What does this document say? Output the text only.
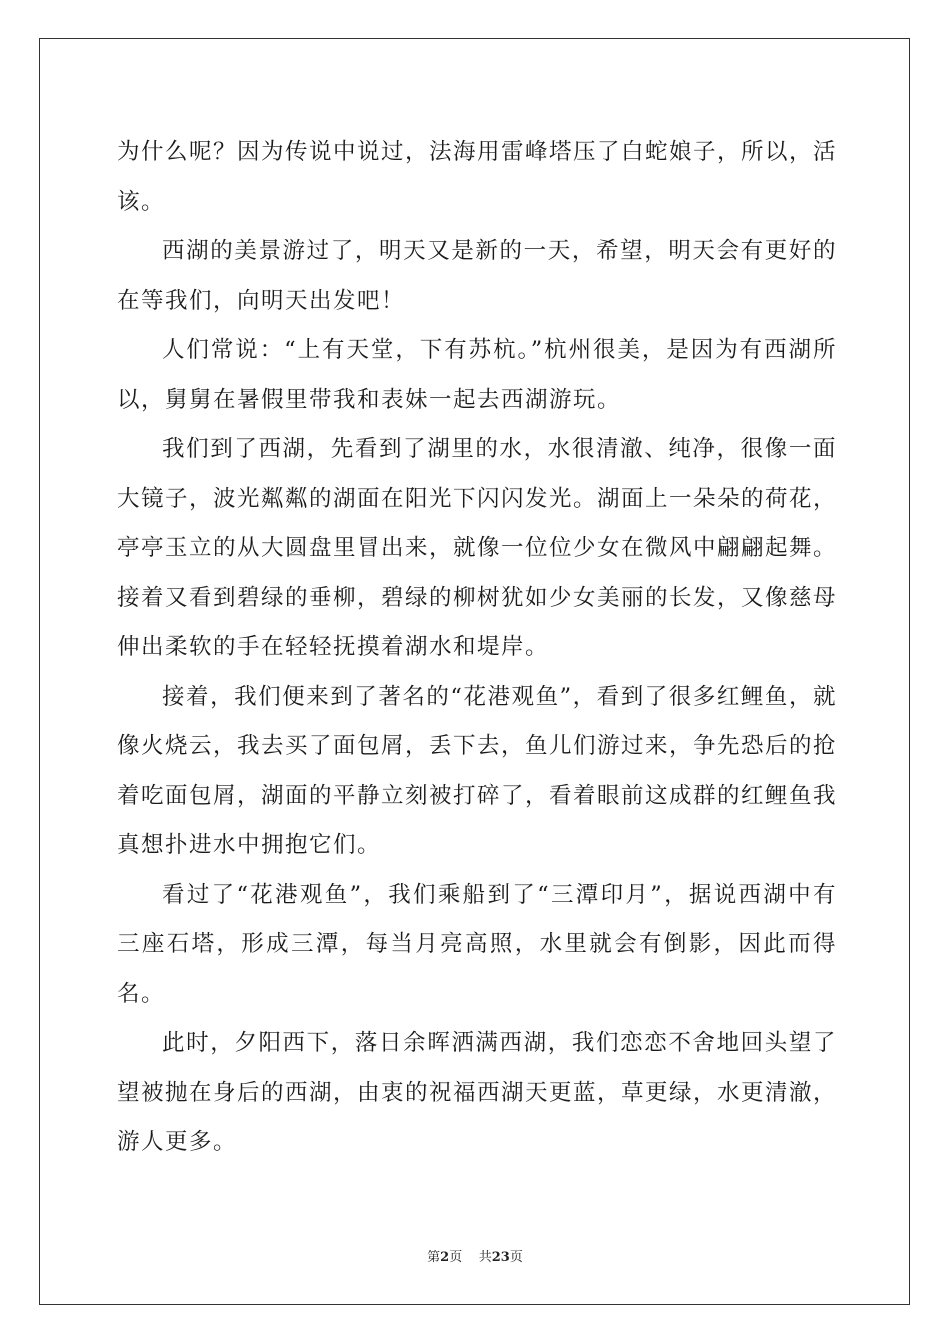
为什么呢？因为传说中说过，法海用雷峰塔压了白蛇娘子，所以，活该。

西湖的美景游过了，明天又是新的一天，希望，明天会有更好的在等我们，向明天出发吧！

人们常说：“上有天堂，下有苏杭。”杭州很美，是因为有西湖所以，舅舅在暑假里带我和表妹一起去西湖游玩。

我们到了西湖，先看到了湖里的水，水很清澈、纯净，很像一面大镜子，波光粼粼的湖面在阳光下闪闪发光。湖面上一朵朵的荷花，亭亭玉立的从大圆盘里冒出来，就像一位位少女在微风中翩翩起舞。接着又看到碧绿的垂柳，碧绿的柳树犹如少女美丽的长发，又像慈母伸出柔软的手在轻轻抚摸着湖水和堤岸。

接着，我们便来到了著名的“花港观鱼”，看到了很多红鲤鱼，就像火烧云，我去买了面包屑，丢下去，鱼儿们游过来，争先恐后的抢着吃面包屑，湖面的平静立刻被打碎了，看着眼前这成群的红鲤鱼我真想扑进水中拥抱它们。

看过了“花港观鱼”，我们乘船到了“三潭印月”，据说西湖中有三座石塔，形成三潭，每当月亮高照，水里就会有倒影，因此而得名。

此时，夕阳西下，落日余晖洒满西湖，我们恋恋不舍地回头望了望被抛在身后的西湖，由衷的祝福西湖天更蓝，草更绿，水更清澈，游人更多。

第2页 共23页
